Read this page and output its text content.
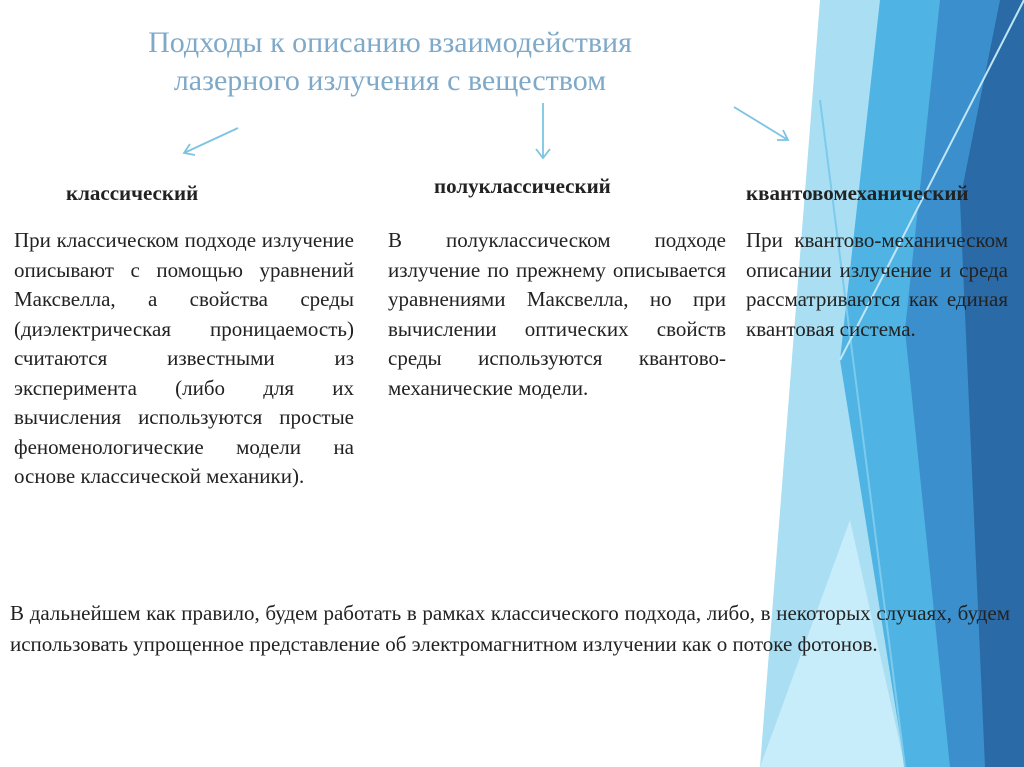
Подходы к описанию взаимодействия
лазерного излучения с веществом
классический	полуклассический	квантовомеханический
При классическом подходе излучение описывают с помощью уравнений Максвелла, а свойства среды (диэлектрическая проницаемость) считаются известными из эксперимента (либо для их вычисления используются простые феноменологические модели на основе классической механики).
В полуклассическом подходе излучение по прежнему описывается уравнениями Максвелла, но при вычислении оптических свойств среды используются квантово-механические модели.
При квантово-механическом описании излучение и среда рассматриваются как единая квантовая система.
В дальнейшем как правило, будем работать в рамках классического подхода, либо, в некоторых случаях, будем использовать упрощенное представление об электромагнитном излучении как о потоке фотонов.
